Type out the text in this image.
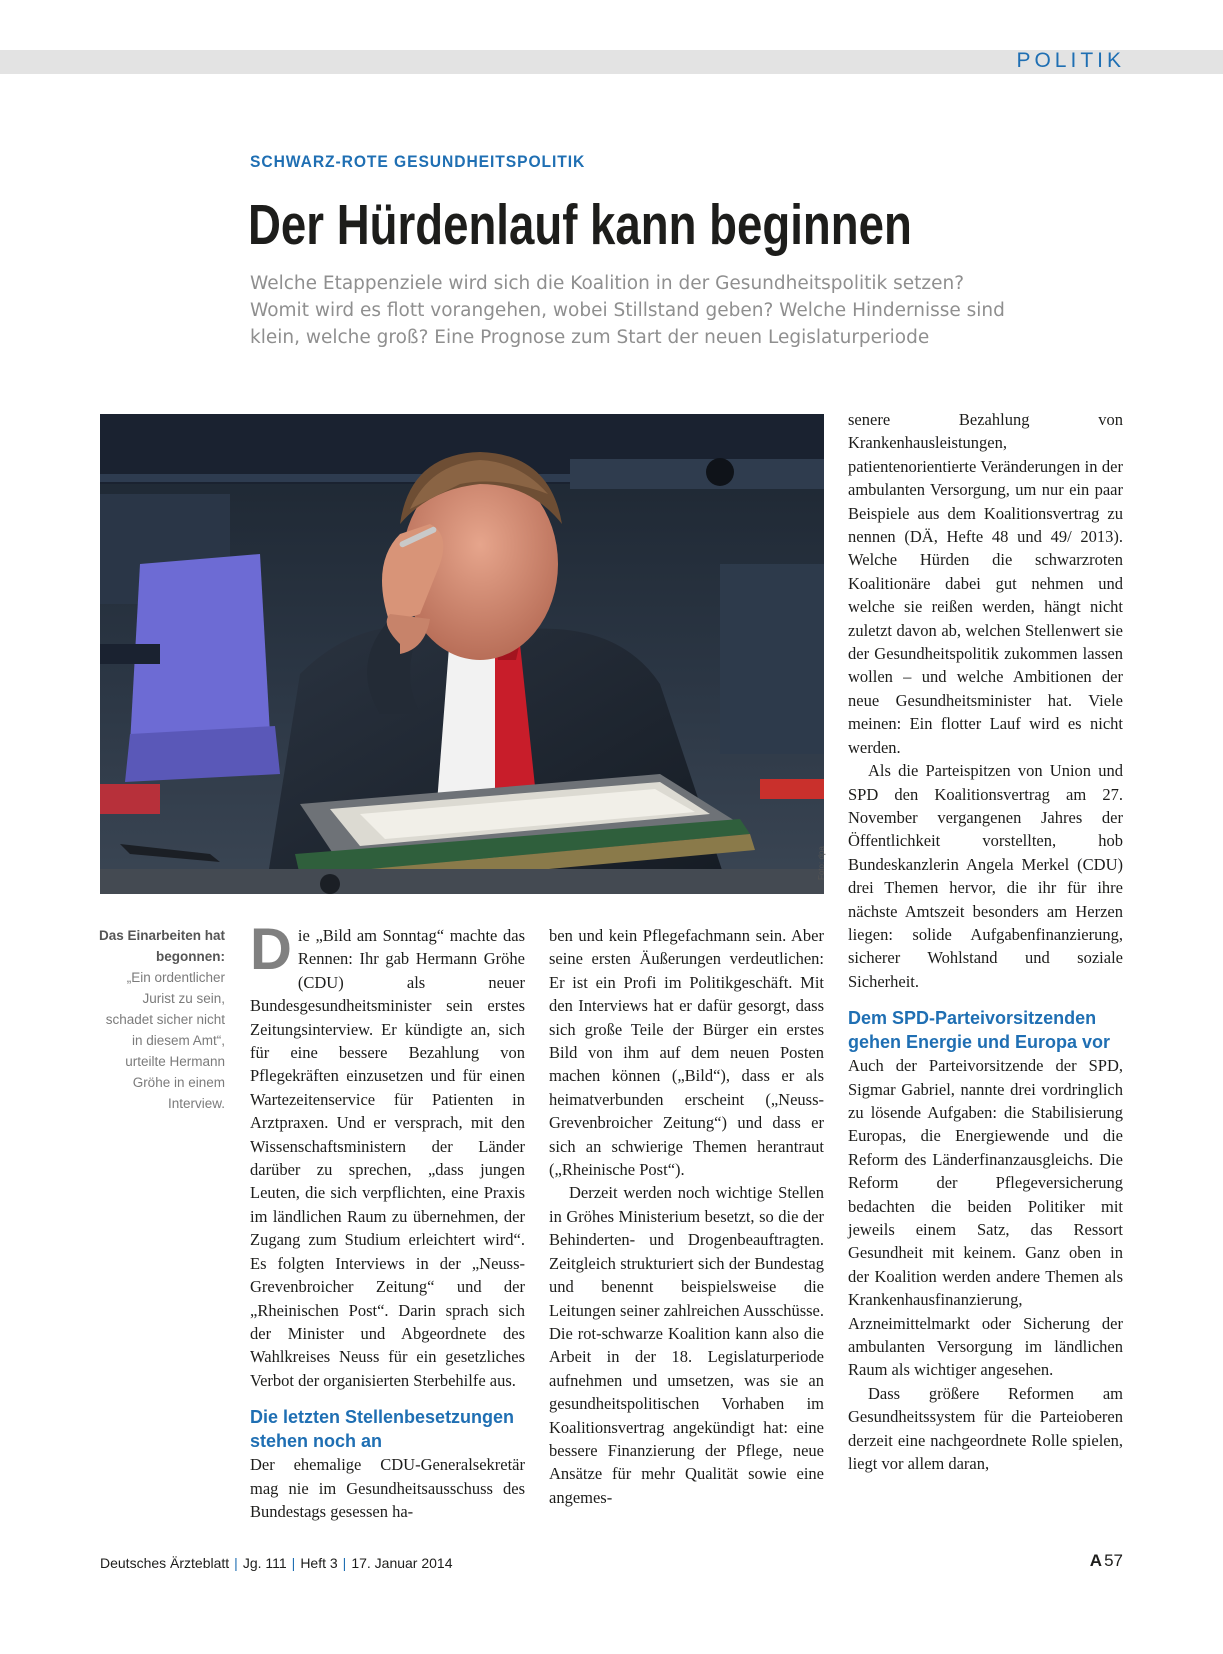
POLITIK
SCHWARZ-ROTE GESUNDHEITSPOLITIK
Der Hürdenlauf kann beginnen
Welche Etappenziele wird sich die Koalition in der Gesundheitspolitik setzen?
Womit wird es flott vorangehen, wobei Stillstand geben? Welche Hindernisse sind
klein, welche groß? Eine Prognose zum Start der neuen Legislaturperiode
Foto: dpa
Das Einarbeiten hat begonnen:
„Ein ordentlicher Jurist zu sein, schadet sicher nicht in diesem Amt“, urteilte Hermann Gröhe in einem Interview.

Die „Bild am Sonntag“ machte das Rennen: Ihr gab Hermann Gröhe (CDU) als neuer Bundesgesundheitsminister sein erstes Zeitungsinterview. Er kündigte an, sich für eine bessere Bezahlung von Pflegekräften einzusetzen und für einen Wartezeitenservice für Patienten in Arztpraxen. Und er versprach, mit den Wissenschaftsministern der Länder darüber zu sprechen, „dass jungen Leuten, die sich verpflichten, eine Praxis im ländlichen Raum zu übernehmen, der Zugang zum Studium erleichtert wird“. Es folgten Interviews in der „Neuss-Grevenbroicher Zeitung“ und der „Rheinischen Post“. Darin sprach sich der Minister und Abgeordnete des Wahlkreises Neuss für ein gesetzliches Verbot der organisierten Sterbehilfe aus.

Die letzten Stellenbesetzungen
stehen noch an

Der ehemalige CDU-Generalsekretär mag nie im Gesundheitsausschuss des Bundestags gesessen ha-

ben und kein Pflegefachmann sein. Aber seine ersten Äußerungen verdeutlichen: Er ist ein Profi im Politikgeschäft. Mit den Interviews hat er dafür gesorgt, dass sich große Teile der Bürger ein erstes Bild von ihm auf dem neuen Posten machen können („Bild“), dass er als heimatverbunden erscheint („Neuss-Grevenbroicher Zeitung“) und dass er sich an schwierige Themen herantraut („Rheinische Post“).

Derzeit werden noch wichtige Stellen in Gröhes Ministerium besetzt, so die der Behinderten- und Drogenbeauftragten. Zeitgleich strukturiert sich der Bundestag und benennt beispielsweise die Leitungen seiner zahlreichen Ausschüsse. Die rot-schwarze Koalition kann also die Arbeit in der 18. Legislaturperiode aufnehmen und umsetzen, was sie an gesundheitspolitischen Vorhaben im Koalitionsvertrag angekündigt hat: eine bessere Finanzierung der Pflege, neue Ansätze für mehr Qualität sowie eine angemes-

senere Bezahlung von Krankenhausleistungen, patientenorientierte Veränderungen in der ambulanten Versorgung, um nur ein paar Beispiele aus dem Koalitionsvertrag zu nennen (DÄ, Hefte 48 und 49/ 2013). Welche Hürden die schwarzroten Koalitionäre dabei gut nehmen und welche sie reißen werden, hängt nicht zuletzt davon ab, welchen Stellenwert sie der Gesundheitspolitik zukommen lassen wollen – und welche Ambitionen der neue Gesundheitsminister hat. Viele meinen: Ein flotter Lauf wird es nicht werden.

Als die Parteispitzen von Union und SPD den Koalitionsvertrag am 27. November vergangenen Jahres der Öffentlichkeit vorstellten, hob Bundeskanzlerin Angela Merkel (CDU) drei Themen hervor, die ihr für ihre nächste Amtszeit besonders am Herzen liegen: solide Aufgabenfinanzierung, sicherer Wohlstand und soziale Sicherheit.

Dem SPD-Parteivorsitzenden
gehen Energie und Europa vor

Auch der Parteivorsitzende der SPD, Sigmar Gabriel, nannte drei vordringlich zu lösende Aufgaben: die Stabilisierung Europas, die Energiewende und die Reform des Länderfinanzausgleichs. Die Reform der Pflegeversicherung bedachten die beiden Politiker mit jeweils einem Satz, das Ressort Gesundheit mit keinem. Ganz oben in der Koalition werden andere Themen als Krankenhausfinanzierung, Arzneimittelmarkt oder Sicherung der ambulanten Versorgung im ländlichen Raum als wichtiger angesehen.

Dass größere Reformen am Gesundheitssystem für die Parteioberen derzeit eine nachgeordnete Rolle spielen, liegt vor allem daran,

Deutsches Ärzteblatt | Jg. 111 | Heft 3 | 17. Januar 2014	A 57
